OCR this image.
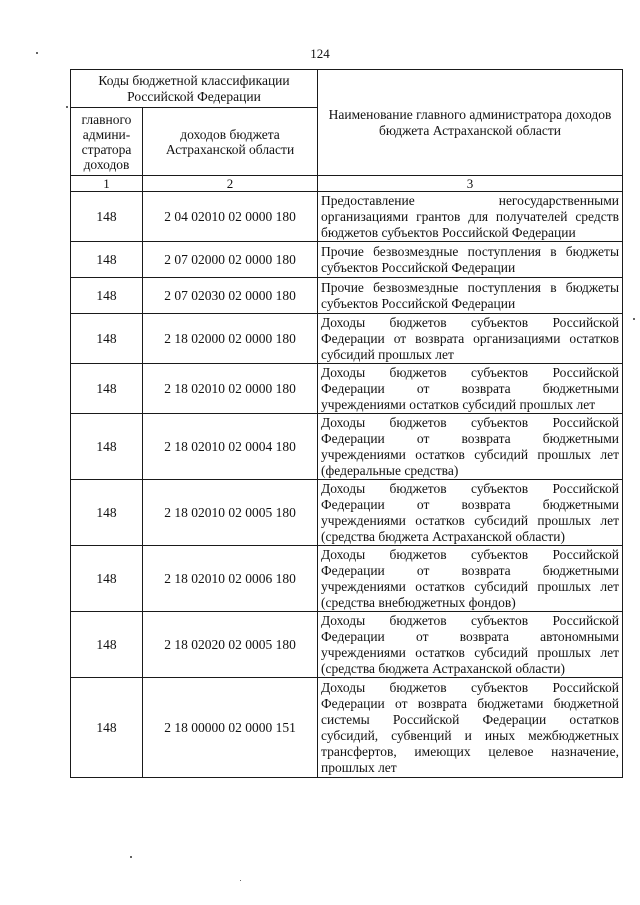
124
Коды бюджетной классификации Российской Федерации		Наименование главного администратора доходов бюджета Астраханской области
главного админи-стратора доходов	доходов бюджета Астраханской области	
1	2	3
148	2 04 02010 02 0000 180	Предоставление негосударственными организациями грантов для получателей средств бюджетов субъектов Российской Федерации
148	2 07 02000 02 0000 180	Прочие безвозмездные поступления в бюджеты субъектов Российской Федерации
148	2 07 02030 02 0000 180	Прочие безвозмездные поступления в бюджеты субъектов Российской Федерации
148	2 18 02000 02 0000 180	Доходы бюджетов субъектов Российской Федерации от возврата организациями остатков субсидий прошлых лет
148	2 18 02010 02 0000 180	Доходы бюджетов субъектов Российской Федерации от возврата бюджетными учреждениями остатков субсидий прошлых лет
148	2 18 02010 02 0004 180	Доходы бюджетов субъектов Российской Федерации от возврата бюджетными учреждениями остатков субсидий прошлых лет (федеральные средства)
148	2 18 02010 02 0005 180	Доходы бюджетов субъектов Российской Федерации от возврата бюджетными учреждениями остатков субсидий прошлых лет (средства бюджета Астраханской области)
148	2 18 02010 02 0006 180	Доходы бюджетов субъектов Российской Федерации от возврата бюджетными учреждениями остатков субсидий прошлых лет (средства внебюджетных фондов)
148	2 18 02020 02 0005 180	Доходы бюджетов субъектов Российской Федерации от возврата автономными учреждениями остатков субсидий прошлых лет (средства бюджета Астраханской области)
148	2 18 00000 02 0000 151	Доходы бюджетов субъектов Российской Федерации от возврата бюджетами бюджетной системы Российской Федерации остатков субсидий, субвенций и иных межбюджетных трансфертов, имеющих целевое назначение, прошлых лет
